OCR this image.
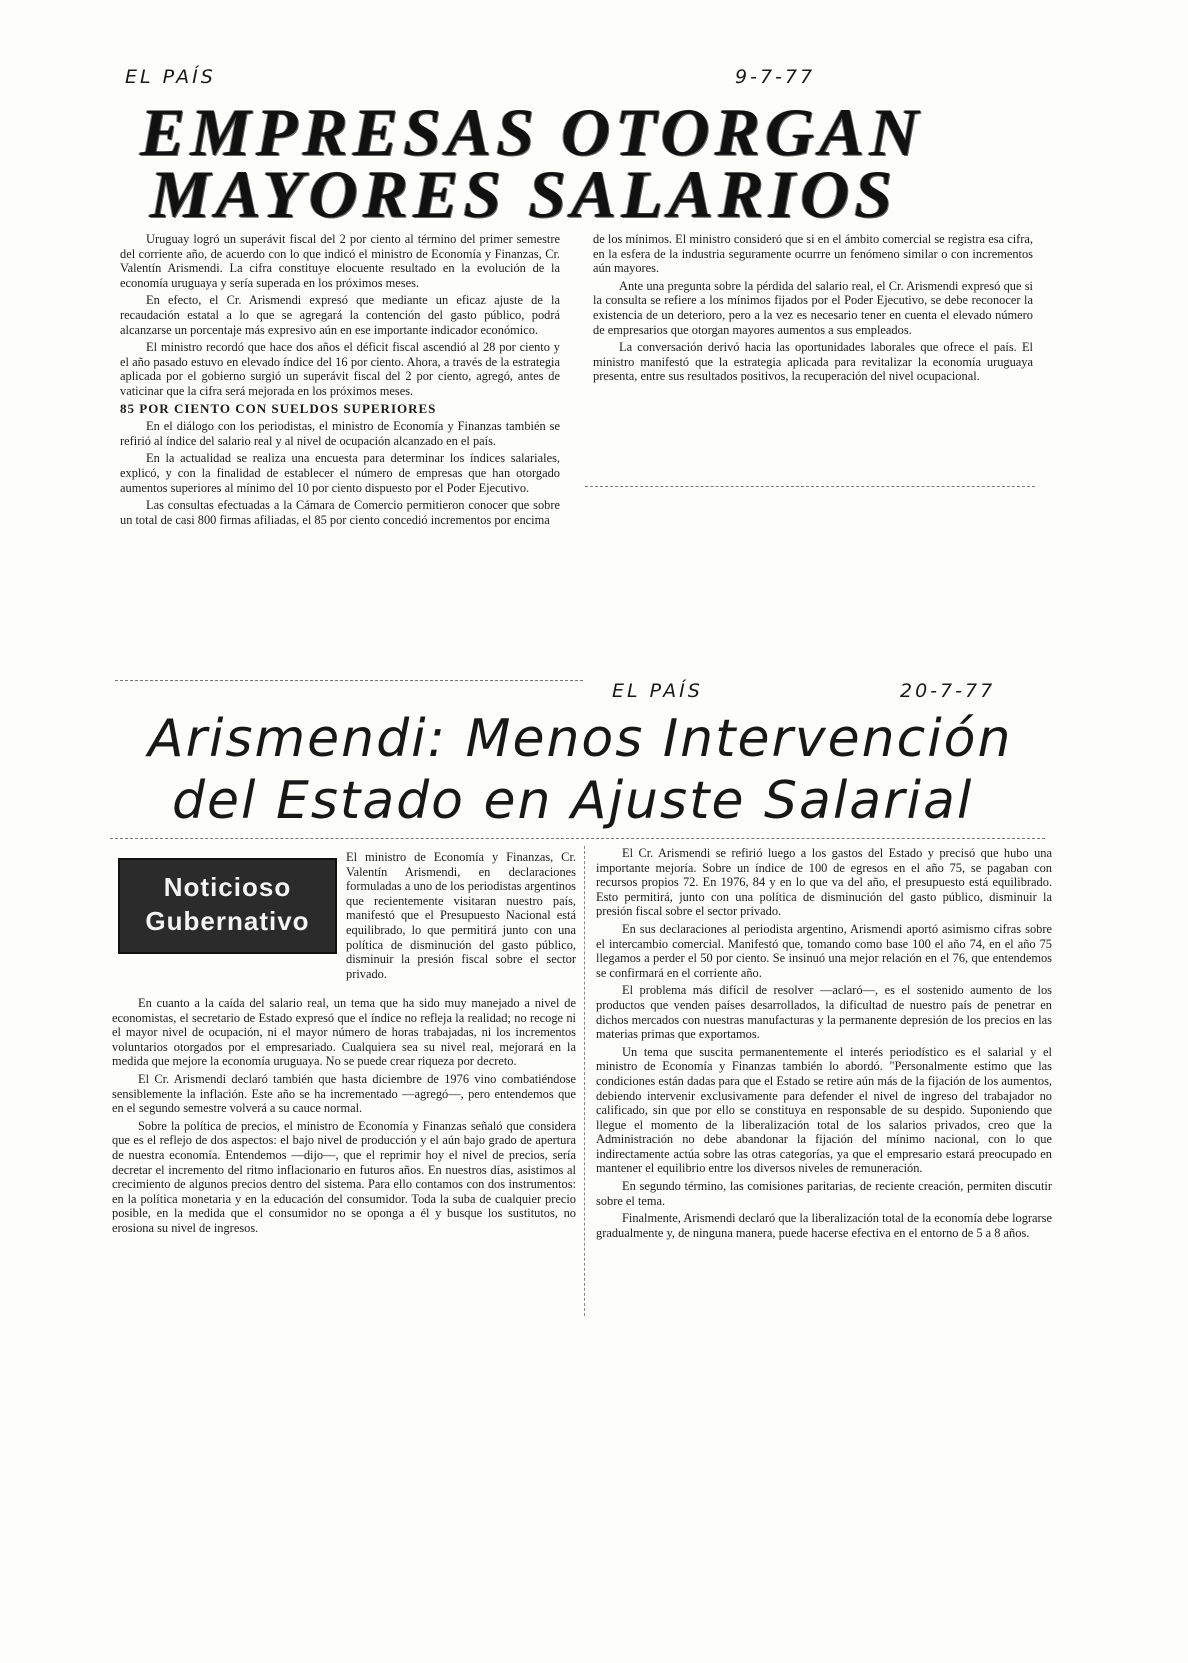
EL PAÍS	9-7-77
EMPRESAS OTORGAN
MAYORES SALARIOS

Uruguay logró un superávit fiscal del 2 por ciento al término del primer semestre del corriente año, de acuerdo con lo que indicó el ministro de Economía y Finanzas, Cr. Valentín Arismendi. La cifra constituye elocuente resultado en la evolución de la economía uruguaya y sería superada en los próximos meses.

En efecto, el Cr. Arismendi expresó que mediante un eficaz ajuste de la recaudación estatal a lo que se agregará la contención del gasto público, podrá alcanzarse un porcentaje más expresivo aún en ese importante indicador económico.

El ministro recordó que hace dos años el déficit fiscal ascendió al 28 por ciento y el año pasado estuvo en elevado índice del 16 por ciento. Ahora, a través de la estrategia aplicada por el gobierno surgió un superávit fiscal del 2 por ciento, agregó, antes de vaticinar que la cifra será mejorada en los próximos meses.

85 POR CIENTO CON SUELDOS SUPERIORES

En el diálogo con los periodistas, el ministro de Economía y Finanzas también se refirió al índice del salario real y al nivel de ocupación alcanzado en el país.

En la actualidad se realiza una encuesta para determinar los índices salariales, explicó, y con la finalidad de establecer el número de empresas que han otorgado aumentos superiores al mínimo del 10 por ciento dispuesto por el Poder Ejecutivo.

Las consultas efectuadas a la Cámara de Comercio permitieron conocer que sobre un total de casi 800 firmas afiliadas, el 85 por ciento concedió incrementos por encima

de los mínimos. El ministro consideró que si en el ámbito comercial se registra esa cifra, en la esfera de la industria seguramente ocurrre un fenómeno similar o con incrementos aún mayores.

Ante una pregunta sobre la pérdida del salario real, el Cr. Arismendi expresó que si la consulta se refiere a los mínimos fijados por el Poder Ejecutivo, se debe reconocer la existencia de un deterioro, pero a la vez es necesario tener en cuenta el elevado número de empresarios que otorgan mayores aumentos a sus empleados.

La conversación derivó hacia las oportunidades laborales que ofrece el país. El ministro manifestó que la estrategia aplicada para revitalizar la economía uruguaya presenta, entre sus resultados positivos, la recuperación del nivel ocupacional.

EL PAÍS	20-7-77
Arismendi: Menos Intervención
del Estado en Ajuste Salarial
Noticioso
Gubernativo

El ministro de Economía y Finanzas, Cr. Valentín Arismendi, en declaraciones formuladas a uno de los periodistas argentinos que recientemente visitaran nuestro país, manifestó que el Presupuesto Nacional está equilibrado, lo que permitirá junto con una política de disminución del gasto público, disminuir la presión fiscal sobre el sector privado.

En cuanto a la caída del salario real, un tema que ha sido muy manejado a nivel de economistas, el secretario de Estado expresó que el índice no refleja la realidad; no recoge ni el mayor nivel de ocupación, ni el mayor número de horas trabajadas, ni los incrementos voluntarios otorgados por el empresariado. Cualquiera sea su nivel real, mejorará en la medida que mejore la economía uruguaya. No se puede crear riqueza por decreto.

El Cr. Arismendi declaró también que hasta diciembre de 1976 vino combatiéndose sensiblemente la inflación. Este año se ha incrementado —agregó—, pero entendemos que en el segundo semestre volverá a su cauce normal.

Sobre la política de precios, el ministro de Economía y Finanzas señaló que considera que es el reflejo de dos aspectos: el bajo nivel de producción y el aún bajo grado de apertura de nuestra economía. Entendemos —dijo—, que el reprimir hoy el nivel de precios, sería decretar el incremento del ritmo inflacionario en futuros años. En nuestros días, asistimos al crecimiento de algunos precios dentro del sistema. Para ello contamos con dos instrumentos: en la política monetaria y en la educación del consumidor. Toda la suba de cualquier precio posible, en la medida que el consumidor no se oponga a él y busque los sustitutos, no erosiona su nivel de ingresos.

El Cr. Arismendi se refirió luego a los gastos del Estado y precisó que hubo una importante mejoría. Sobre un índice de 100 de egresos en el año 75, se pagaban con recursos propios 72. En 1976, 84 y en lo que va del año, el presupuesto está equilibrado. Esto permitirá, junto con una política de disminución del gasto público, disminuir la presión fiscal sobre el sector privado.

En sus declaraciones al periodista argentino, Arismendi aportó asimismo cifras sobre el intercambio comercial. Manifestó que, tomando como base 100 el año 74, en el año 75 llegamos a perder el 50 por ciento. Se insinuó una mejor relación en el 76, que entendemos se confirmará en el corriente año.

El problema más difícil de resolver —aclaró—, es el sostenido aumento de los productos que venden países desarrollados, la dificultad de nuestro país de penetrar en dichos mercados con nuestras manufacturas y la permanente depresión de los precios en las materias primas que exportamos.

Un tema que suscita permanentemente el interés periodístico es el salarial y el ministro de Economía y Finanzas también lo abordó. "Personalmente estimo que las condiciones están dadas para que el Estado se retire aún más de la fijación de los aumentos, debiendo intervenir exclusivamente para defender el nivel de ingreso del trabajador no calificado, sin que por ello se constituya en responsable de su despido. Suponiendo que llegue el momento de la liberalización total de los salarios privados, creo que la Administración no debe abandonar la fijación del mínimo nacional, con lo que indirectamente actúa sobre las otras categorías, ya que el empresario estará preocupado en mantener el equilibrio entre los diversos niveles de remuneración.

En segundo término, las comisiones paritarias, de reciente creación, permiten discutir sobre el tema.

Finalmente, Arismendi declaró que la liberalización total de la economía debe lograrse gradualmente y, de ninguna manera, puede hacerse efectiva en el entorno de 5 a 8 años.
